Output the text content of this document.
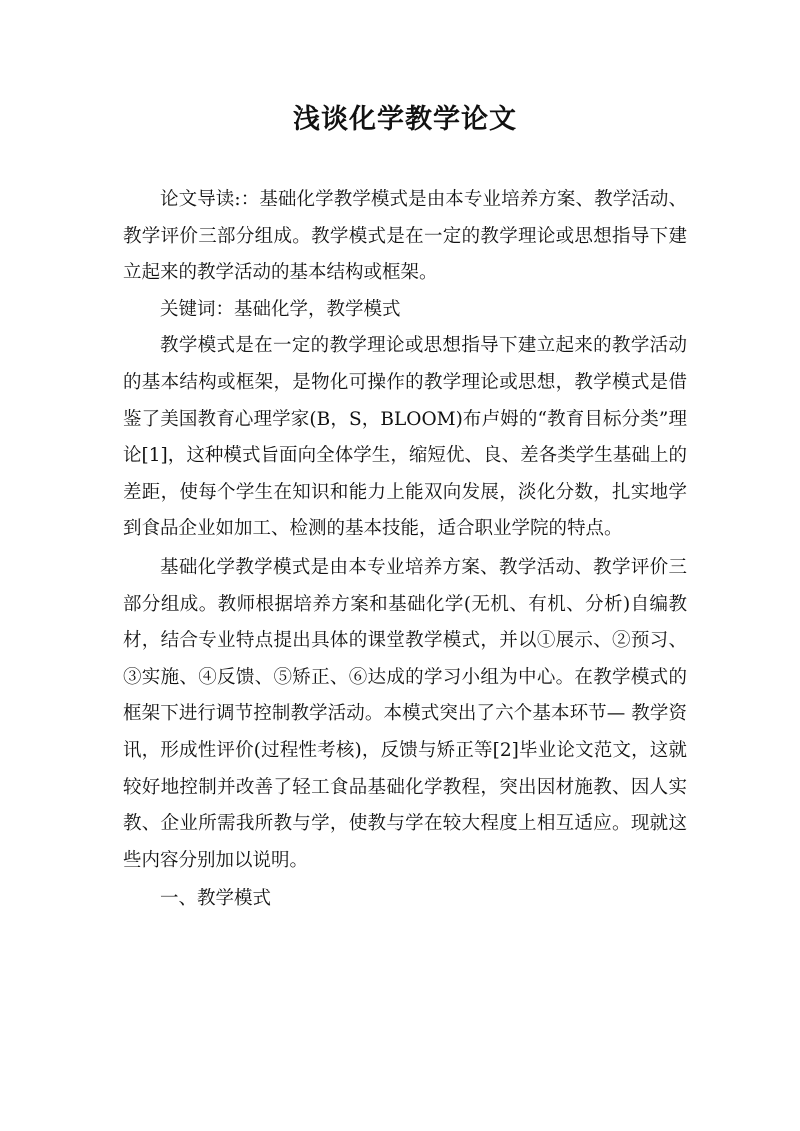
浅谈化学教学论文

论文导读:：基础化学教学模式是由本专业培养方案、教学活动、教学评价三部分组成。教学模式是在一定的教学理论或思想指导下建立起来的教学活动的基本结构或框架。

关键词：基础化学，教学模式

教学模式是在一定的教学理论或思想指导下建立起来的教学活动的基本结构或框架，是物化可操作的教学理论或思想，教学模式是借鉴了美国教育心理学家(B，S，BLOOM)布卢姆的“教育目标分类”理论[1]，这种模式旨面向全体学生，缩短优、良、差各类学生基础上的差距，使每个学生在知识和能力上能双向发展，淡化分数，扎实地学到食品企业如加工、检测的基本技能，适合职业学院的特点。

基础化学教学模式是由本专业培养方案、教学活动、教学评价三部分组成。教师根据培养方案和基础化学(无机、有机、分析)自编教材，结合专业特点提出具体的课堂教学模式，并以①展示、②预习、③实施、④反馈、⑤矫正、⑥达成的学习小组为中心。在教学模式的框架下进行调节控制教学活动。本模式突出了六个基本环节— 教学资讯，形成性评价(过程性考核)，反馈与矫正等[2]毕业论文范文，这就较好地控制并改善了轻工食品基础化学教程，突出因材施教、因人实教、企业所需我所教与学，使教与学在较大程度上相互适应。现就这些内容分别加以说明。

一、教学模式
